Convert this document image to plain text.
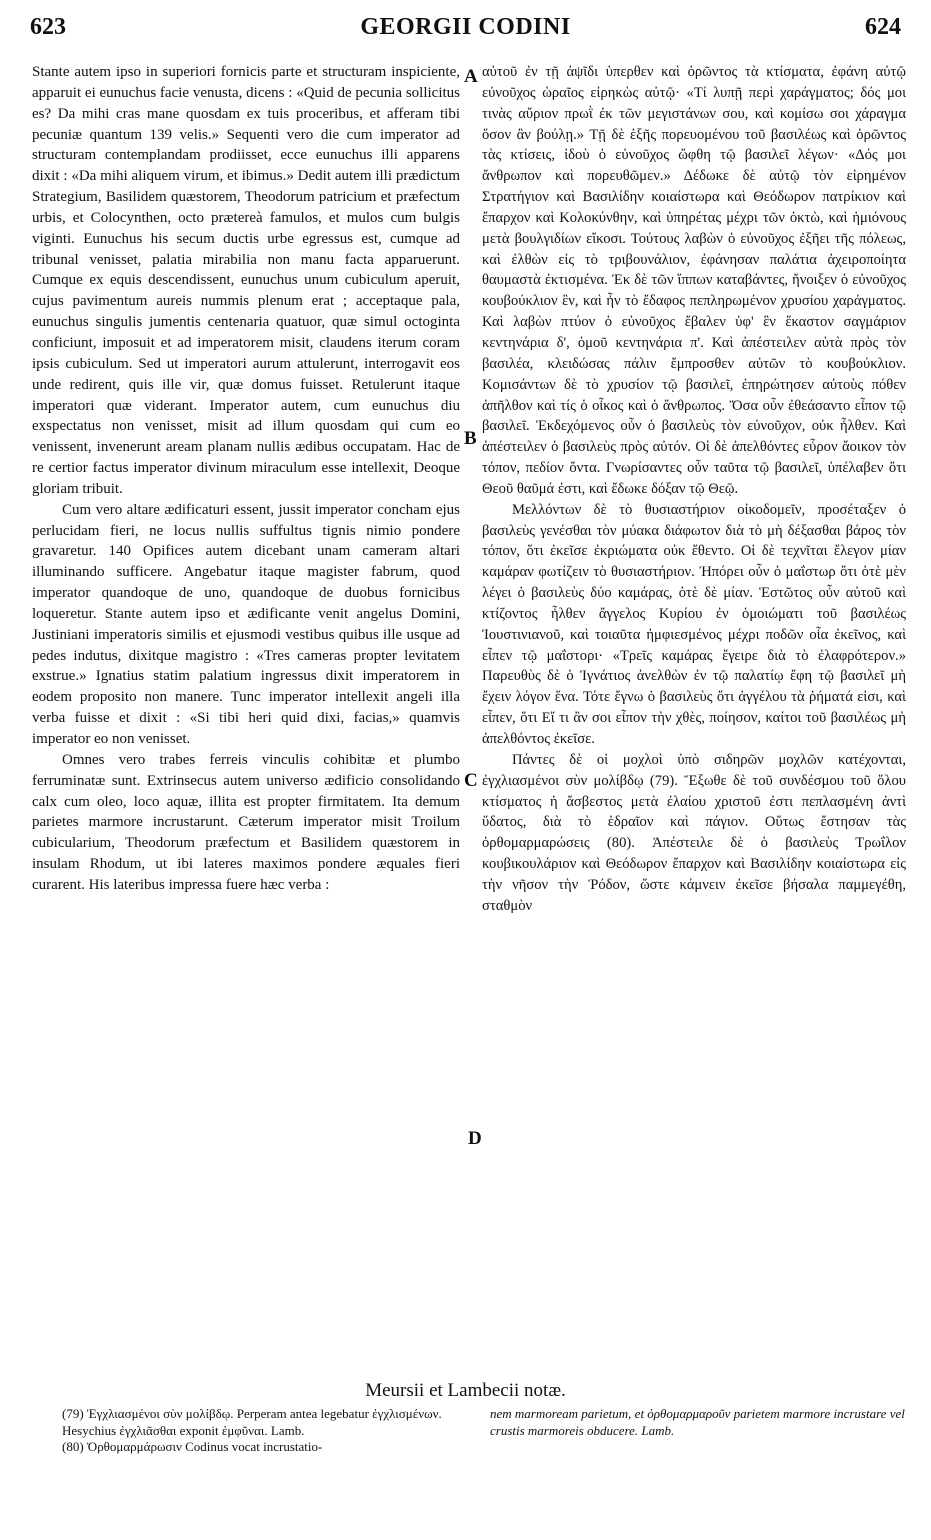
623	GEORGII CODINI	624

Stante autem ipso in superiori fornicis parte et structuram inspiciente, apparuit ei eunuchus facie venusta, dicens : «Quid de pecunia sollicitus es? Da mihi cras mane quosdam ex tuis proceribus, et afferam tibi pecuniæ quantum 139 velis.» Sequenti vero die cum imperator ad structuram contemplandam prodiisset, ecce eunuchus illi apparens dixit : «Da mihi aliquem virum, et ibimus.» Dedit autem illi prædictum Strategium, Basilidem quæstorem, Theodorum patricium et præfectum urbis, et Colocynthen, octo prætereà famulos, et mulos cum bulgis viginti. Eunuchus his secum ductis urbe egressus est, cumque ad tribunal venisset, palatia mirabilia non manu facta apparuerunt. Cumque ex equis descendissent, eunuchus unum cubiculum aperuit, cujus pavimentum aureis nummis plenum erat ; acceptaque pala, eunuchus singulis jumentis centenaria quatuor, quæ simul octoginta conficiunt, imposuit et ad imperatorem misit, claudens iterum coram ipsis cubiculum. Sed ut imperatori aurum attulerunt, interrogavit eos unde redirent, quis ille vir, quæ domus fuisset. Retulerunt itaque imperatori quæ viderant. Imperator autem, cum eunuchus diu exspectatus non venisset, misit ad illum quosdam qui cum eo venissent, invenerunt aream planam nullis ædibus occupatam. Hac de re certior factus imperator divinum miraculum esse intellexit, Deoque gloriam tribuit.

Cum vero altare ædificaturi essent, jussit imperator concham ejus perlucidam fieri, ne locus nullis suffultus tignis nimio pondere gravaretur. 140 Opifices autem dicebant unam cameram altari illuminando sufficere. Angebatur itaque magister fabrum, quod imperator quandoque de uno, quandoque de duobus fornicibus loqueretur. Stante autem ipso et ædificante venit angelus Domini, Justiniani imperatoris similis et ejusmodi vestibus quibus ille usque ad pedes indutus, dixitque magistro : «Tres cameras propter levitatem exstrue.» Ignatius statim palatium ingressus dixit imperatorem in eodem proposito non manere. Tunc imperator intellexit angeli illa verba fuisse et dixit : «Si tibi heri quid dixi, facias,» quamvis imperator eo non venisset.

Omnes vero trabes ferreis vinculis cohibitæ et plumbo ferruminatæ sunt. Extrinsecus autem universo ædificio consolidando calx cum oleo, loco aquæ, illita est propter firmitatem. Ita demum parietes marmore incrustarunt. Cæterum imperator misit Troilum cubicularium, Theodorum præfectum et Basilidem quæstorem in insulam Rhodum, ut ibi lateres maximos pondere æquales fieri curarent. His lateribus impressa fuere hæc verba :

A
B
C
D

αὐτοῦ ἐν τῇ ἀψῖδι ὑπερθεν καὶ ὁρῶντος τὰ κτίσματα, ἐφάνη αὐτῷ εὐνοῦχος ὡραῖος εἰρηκὼς αὐτῷ· «Τί λυπῇ περὶ χαράγματος; δός μοι τινὰς αὔριον πρωῒ ἐκ τῶν μεγιστάνων σου, καὶ κομίσω σοι χάραγμα ὅσον ἂν βούλῃ.» Τῇ δὲ ἑξῆς πορευομένου τοῦ βασιλέως καὶ ὁρῶντος τὰς κτίσεις, ἰδοὺ ὁ εὐνοῦχος ὤφθη τῷ βασιλεῖ λέγων· «Δός μοι ἄνθρωπον καὶ πορευθῶμεν.» Δέδωκε δὲ αὐτῷ τὸν εἰρημένον Στρατήγιον καὶ Βασιλίδην κοιαίστωρα καὶ Θεόδωρον πατρίκιον καὶ ἔπαρχον καὶ Κολοκύνθην, καὶ ὑπηρέτας μέχρι τῶν ὀκτὼ, καὶ ἡμιόνους μετὰ βουλγιδίων εἴκοσι. Τούτους λαβὼν ὁ εὐνοῦχος ἐξῆει τῆς πόλεως, καὶ ἐλθὼν εἰς τὸ τριβουνάλιον, ἐφάνησαν παλάτια ἀχειροποίητα θαυμαστὰ ἐκτισμένα. Ἐκ δὲ τῶν ἵππων καταβάντες, ἤνοιξεν ὁ εὐνοῦχος κουβούκλιον ἓν, καὶ ἦν τὸ ἔδαφος πεπληρωμένον χρυσίου χαράγματος. Καὶ λαβὼν πτύον ὁ εὐνοῦχος ἔβαλεν ὑφ' ἓν ἕκαστον σαγμάριον κεντηνάρια δ', ὁμοῦ κεντηνάρια π'. Καὶ ἀπέστειλεν αὐτὰ πρὸς τὸν βασιλέα, κλειδώσας πάλιν ἔμπροσθεν αὐτῶν τὸ κουβούκλιον. Κομισάντων δὲ τὸ χρυσίον τῷ βασιλεῖ, ἐπηρώτησεν αὐτοὺς πόθεν ἀπῆλθον καὶ τίς ὁ οἶκος καὶ ὁ ἄνθρωπος. Ὅσα οὖν ἐθεάσαντο εἶπον τῷ βασιλεῖ. Ἐκδεχόμενος οὖν ὁ βασιλεὺς τὸν εὐνοῦχον, οὐκ ἦλθεν. Καὶ ἀπέστειλεν ὁ βασιλεὺς πρὸς αὐτόν. Οἱ δὲ ἀπελθόντες εὗρον ἄοικον τὸν τόπον, πεδίον ὄντα. Γνωρίσαντες οὖν ταῦτα τῷ βασιλεῖ, ὑπέλαβεν ὅτι Θεοῦ θαῦμά ἐστι, καὶ ἔδωκε δόξαν τῷ Θεῷ.

Μελλόντων δὲ τὸ θυσιαστήριον οἰκοδομεῖν, προσέταξεν ὁ βασιλεὺς γενέσθαι τὸν μύακα διάφωτον διὰ τὸ μὴ δέξασθαι βάρος τὸν τόπον, ὅτι ἐκεῖσε ἐκριώματα οὐκ ἔθεντο. Οἱ δὲ τεχνῖται ἔλεγον μίαν καμάραν φωτίζειν τὸ θυσιαστήριον. Ἠπόρει οὖν ὁ μαΐστωρ ὅτι ὁτὲ μὲν λέγει ὁ βασιλεὺς δύο καμάρας, ὁτὲ δὲ μίαν. Ἑστῶτος οὖν αὐτοῦ καὶ κτίζοντος ἦλθεν ἄγγελος Κυρίου ἐν ὁμοιώματι τοῦ βασιλέως Ἰουστινιανοῦ, καὶ τοιαῦτα ἠμφιεσμένος μέχρι ποδῶν οἷα ἐκεῖνος, καὶ εἶπεν τῷ μαΐστορι· «Τρεῖς καμάρας ἔγειρε διὰ τὸ ἐλαφρότερον.» Παρευθὺς δὲ ὁ Ἰγνάτιος ἀνελθὼν ἐν τῷ παλατίῳ ἔφη τῷ βασιλεῖ μὴ ἔχειν λόγον ἕνα. Τότε ἔγνω ὁ βασιλεὺς ὅτι ἀγγέλου τὰ ῥήματά εἰσι, καὶ εἶπεν, ὅτι Εἴ τι ἂν σοι εἶπον τὴν χθὲς, ποίησον, καίτοι τοῦ βασιλέως μὴ ἀπελθόντος ἐκεῖσε.

Πάντες δὲ οἱ μοχλοὶ ὑπὸ σιδηρῶν μοχλῶν κατέχονται, ἐγχλιασμένοι σὺν μολίβδῳ (79). Ἔξωθε δὲ τοῦ συνδέσμου τοῦ ὅλου κτίσματος ἡ ἄσβεστος μετὰ ἐλαίου χριστοῦ ἐστι πεπλασμένη ἀντὶ ὕδατος, διὰ τὸ ἑδραῖον καὶ πάγιον. Οὕτως ἔστησαν τὰς ὀρθομαρμαρώσεις (80). Ἀπέστειλε δὲ ὁ βασιλεὺς Τρωΐλον κουβικουλάριον καὶ Θεόδωρον ἔπαρχον καὶ Βασιλίδην κοιαίστωρα εἰς τὴν νῆσον τὴν Ῥόδον, ὥστε κάμνειν ἐκεῖσε βήσαλα παμμεγέθη, σταθμὸν

Meursii et Lambecii notæ.

(79) Ἐγχλιασμένοι σὺν μολίβδῳ. Perperam antea legebatur ἐγχλισμένων. Hesychius ἐγχλιᾶσθαι exponit ἐμφῦναι. Lamb.

(80) Ὀρθομαρμάρωσιν Codinus vocat incrustatio-

nem marmoream parietum, et ὀρθομαρμαροῦν parietem marmore incrustare vel crustis marmoreis obducere. Lamb.
